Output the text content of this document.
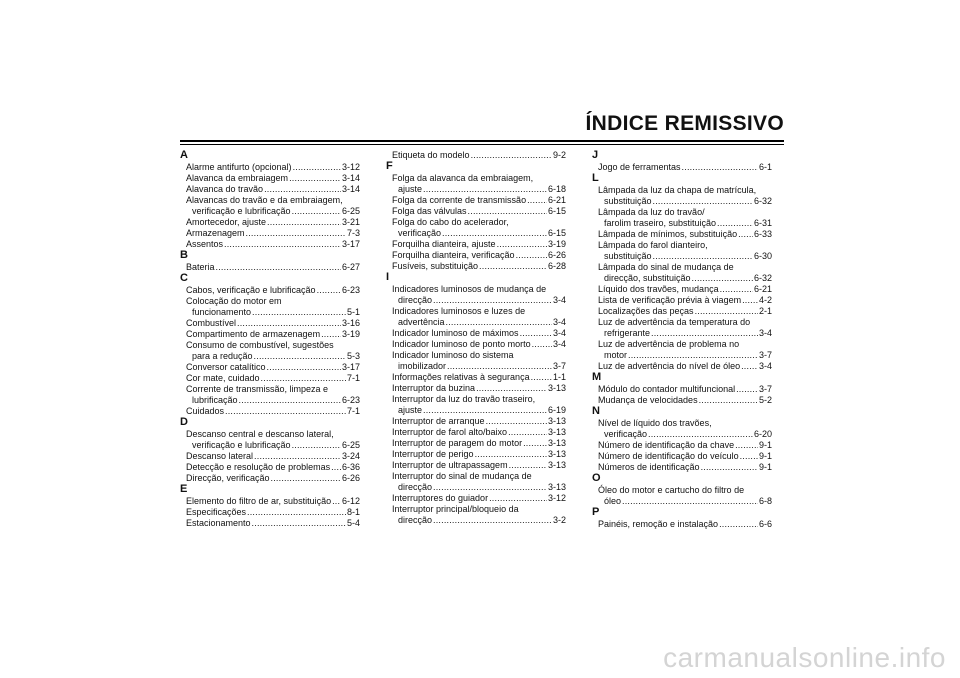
ÍNDICE REMISSIVO
A
Alarme antifurto (opcional) .....	3-12
Alavanca da embraiagem .....	3-14
Alavanca do travão .....	3-14
Alavancas do travão e da embraiagem,
verificação e lubrificação .....	6-25
Amortecedor, ajuste .....	3-21
Armazenagem .....	7-3
Assentos .....	3-17
B
Bateria .....	6-27
C
Cabos, verificação e lubrificação .....	6-23
Colocação do motor em
funcionamento .....	5-1
Combustível .....	3-16
Compartimento de armazenagem ..... 3-19
Consumo de combustível, sugestões
para a redução .....	5-3
Conversor catalítico .....	3-17
Cor mate, cuidado .....	7-1
Corrente de transmissão, limpeza e
lubrificação .....	6-23
Cuidados .....	7-1
D
Descanso central e descanso lateral,
verificação e lubrificação .....	6-25
Descanso lateral .....	3-24
Detecção e resolução de problemas ..... 6-36
Direcção, verificação .....	6-26
E
Elemento do filtro de ar, substituição ..... 6-12
Especificações .....	8-1
Estacionamento .....	5-4
Etiqueta do modelo .....	9-2
F
Folga da alavanca da embraiagem,
ajuste .....	6-18
Folga da corrente de transmissão ..... 6-21
Folga das válvulas .....	6-15
Folga do cabo do acelerador,
verificação .....	6-15
Forquilha dianteira, ajuste .....	3-19
Forquilha dianteira, verificação .....	6-26
Fusíveis, substituição .....	6-28
I
Indicadores luminosos de mudança de
direcção .....	3-4
Indicadores luminosos e luzes de
advertência .....	3-4
Indicador luminoso de máximos .....	3-4
Indicador luminoso de ponto morto ..... 3-4
Indicador luminoso do sistema
imobilizador .....	3-7
Informações relativas à segurança .....	1-1
Interruptor da buzina .....	3-13
Interruptor da luz do travão traseiro,
ajuste .....	6-19
Interruptor de arranque .....	3-13
Interruptor de farol alto/baixo .....	3-13
Interruptor de paragem do motor .....	3-13
Interruptor de perigo .....	3-13
Interruptor de ultrapassagem .....	3-13
Interruptor do sinal de mudança de
direcção .....	3-13
Interruptores do guiador .....	3-12
Interruptor principal/bloqueio da
direcção .....	3-2
J
Jogo de ferramentas .....	6-1
L
Lâmpada da luz da chapa de matrícula,
substituição .....	6-32
Lâmpada da luz do travão/
farolim traseiro, substituição .....	6-31
Lâmpada de mínimos, substituição ..... 6-33
Lâmpada do farol dianteiro,
substituição .....	6-30
Lâmpada do sinal de mudança de
direcção, substituição .....	6-32
Líquido dos travões, mudança .....	6-21
Lista de verificação prévia à viagem ..... 4-2
Localizações das peças .....	2-1
Luz de advertência da temperatura do
refrigerante .....	3-4
Luz de advertência de problema no
motor .....	3-7
Luz de advertência do nível de óleo ..... 3-4
M
Módulo do contador multifuncional .....	3-7
Mudança de velocidades .....	5-2
N
Nível de líquido dos travões,
verificação .....	6-20
Número de identificação da chave .....	9-1
Número de identificação do veículo ..... 9-1
Números de identificação .....	9-1
O
Óleo do motor e cartucho do filtro de
óleo .....	6-8
P
Painéis, remoção e instalação .....	6-6
carmanualsonline.info
